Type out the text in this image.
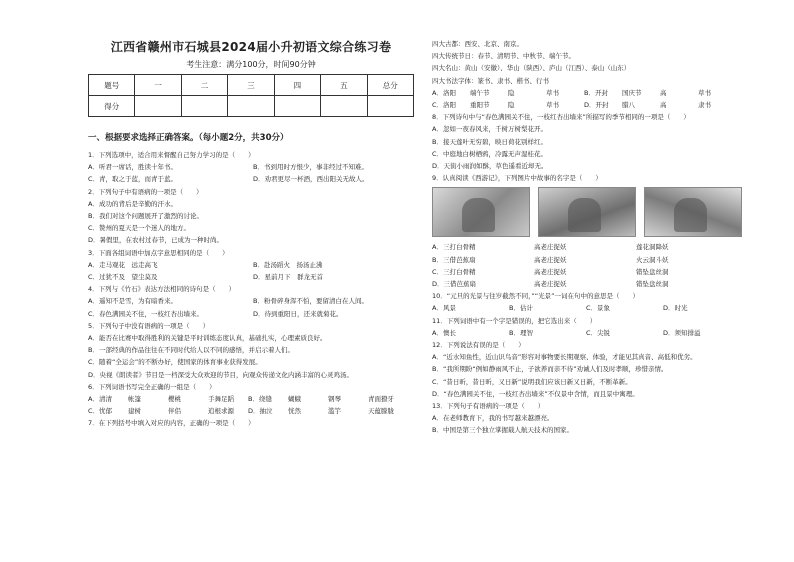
江西省赣州市石城县2024届小升初语文综合练习卷
考生注意：满分100分，时间90分钟
题号	一	二	三	四	五	总分
得分						
一、根据要求选择正确答案。（每小题2分，共30分）
1．下列选项中，适合用来督醒自己努力学习的是（　　）
A．听君一席话，胜读十年书。	B．书到用时方恨少，事非经过不知难。
C．青，取之于蓝，而青于蓝。	D．劝君更尽一杯酒，西出阳关无故人。
2．下列句子中有语病的一项是（　　）
A．成功的背后是辛勤的汗水。
B．我们对这个问题展开了激烈的讨论。
C．赞州的夏天是一个迷人的地方。
D．暑假里，在农村过春节，已成为一种时尚。
3．下面各组词语中加点字意思相同的是（　　）
A．走马观花　远走高飞	B．赴汤蹈火　扬汤止沸
C．过犹不及　望尘莫及	D．星前月下　群龙无首
4．下列与《竹石》表达方法相同的诗句是（　　）
A．遥知不是雪，为有暗香来。	B．粉骨碎身浑不怕，要留清白在人间。
C．春色满园关不住，一枝红杏出墙来。	D．待到重阳日，还来就菊花。
5．下列句子中没有语病的一项是（　　）
A．能否在比赛中取得胜利的关键是平时训练态度认真，基础扎实，心理素质良好。
B．一部经典的作品往往在不同时代给人以不同的感悟，并启示着人们。
C．随着“全运会”的不断办好，使国家的体育事业获得发展。
D．央视《朗读者》节目是一档深受大众欢迎的节目，向观众传递文化内涵丰富的心灵鸡汤。
6．下列词语书写完全正确的一组是（　　）
A．清清	帐篷	樱桃	手舞足蹈	B．绕缝	蝴蛾	钢琴	青面獠牙
C．忧郁	建树	伴侣	追根求源	D．抽泣	恍然	滥竽	天蕴朦胧
7．在下列括号中填入对应的内容，正确的一项是（　　）
四大古都：西安、北京、南京。
四大传统节日：春节、清明节、中秋节、端午节。
四大名山：黄山（安徽）、华山（陕西）、庐山（江西）、泰山（山东）
四大书法字体：篆书、隶书、楷书、行书
A．洛阳	端午节	隐	草书	B．开封	国庆节	高	草书
C．洛阳	重阳节	隐	草书	D．开封	腊八	高	隶书
8．下列诗句中与“春色满园关不住，一枝红杏出墙来”所描写的季节相同的一项是（　　）
A．忽如一夜春风来，千树万树梨花开。
B．接天莲叶无穷碧，映日荷花别样红。
C．中庭地白树栖鸦，冷露无声湿桂花。
D．天街小雨润如酥，草色遥看近却无。
9．认真阅读《西游记》，下列图片中故事的名字是（　　）
A．三打白骨精	高老庄捉妖	莲花洞降妖
B．三借芭蕉扇	高老庄捉妖	火云洞斗妖
C．三打白骨精	高老庄捉妖	错坠盘丝洞
D．三借芭蕉扇	高老庄捉妖	错坠盘丝洞
10．“元旦的光景与往岁截然不同，”“光景”一词在句中的意思是（　　）
A．风景	B．估计	C．景象	D．时光
11．下列词语中有一个字是错误的，把它选出来（　　）
A．懊长	B．理智	C．尖锐	D．须知排溢
12．下列说法有误的是（　　）
A．“近水知鱼性，近山识鸟音”形容对事物要长期观察、体验，才能见其真音、高低和优劣。
B．“我所期盼“例如静雨风不止，子欲养而亲不待”劝诫人们及时孝顺，珍惜亲情。
C．“昔日昕，昔日昕，又日新”说明我们应该日新又日新，不断革新。
D．“春色满园关不住，一枝红杏出墙来”不仅景中含情，而且景中寓理。
13．下列句子有语病的一项是（　　）
A．在老师教育下，我的书写越来越漂亮。
B．中国是第三个独立掌握载人航天技术的国家。
